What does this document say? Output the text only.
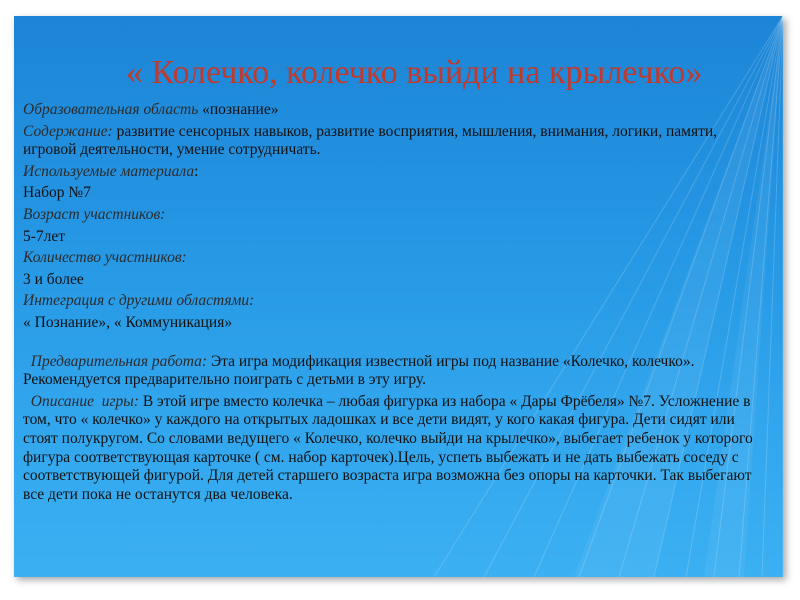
« Колечко, колечко выйди на крылечко»

Образовательная область «познание»

Содержание: развитие сенсорных навыков, развитие восприятия, мышления, внимания, логики, памяти, игровой деятельности, умение сотрудничать.

Используемые материала:

Набор №7

Возраст участников:

5-7лет

Количество участников:

3 и более

Интеграция с другими областями:

« Познание», « Коммуникация»

Предварительная работа: Эта игра модификация известной игры под название «Колечко, колечко». Рекомендуется предварительно поиграть с детьми в эту игру.

Описание  игры: В этой игре вместо колечка – любая фигурка из набора « Дары Фрёбеля» №7. Усложнение в том, что « колечко» у каждого на открытых ладошках и все дети видят, у кого какая фигура. Дети сидят или стоят полукругом. Со словами ведущего « Колечко, колечко выйди на крылечко», выбегает ребенок у которого фигура соответствующая карточке ( см. набор карточек).Цель, успеть выбежать и не дать выбежать соседу с соответствующей фигурой. Для детей старшего возраста игра возможна без опоры на карточки. Так выбегают все дети пока не останутся два человека.
